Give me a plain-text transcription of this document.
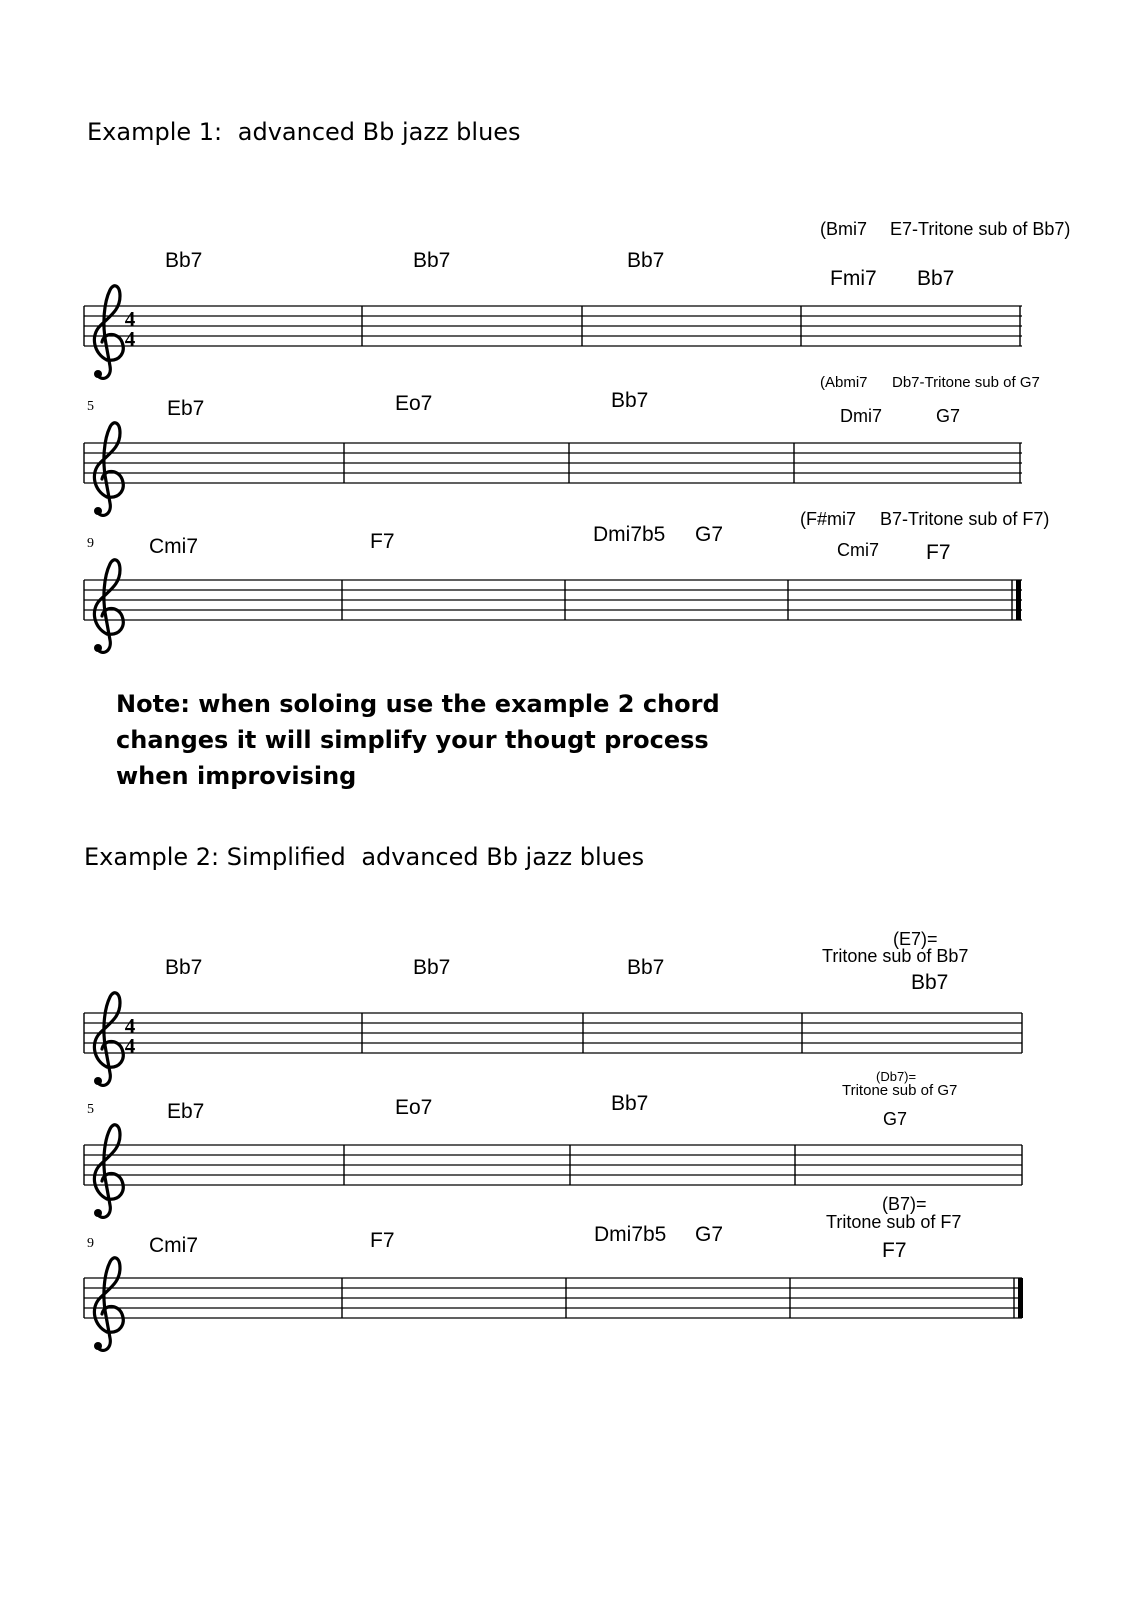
Example 1: advanced Bb jazz blues
(Bmi7 E7-Tritone sub of Bb7)
Bb7	Bb7	Bb7
Fmi7 Bb7
5
(Abmi7 Db7-Tritone sub of G7
Eb7	Eo7	Bb7
Dmi7	G7
9
(F#mi7 B7-Tritone sub of F7)
Cmi7	F7	Dmi7b5 G7
Cmi7 F7
Note: when soloing use the example 2 chord changes it will simplify your thougt process when improvising
Example 2: Simplified advanced Bb jazz blues
(E7)=
Tritone sub of Bb7
Bb7	Bb7	Bb7
Bb7
5
(Db7)=
Tritone sub of G7
Eb7	Eo7	Bb7
G7
9
(B7)=
Tritone sub of F7
Cmi7	F7	Dmi7b5 G7
F7
4
4
4
4
